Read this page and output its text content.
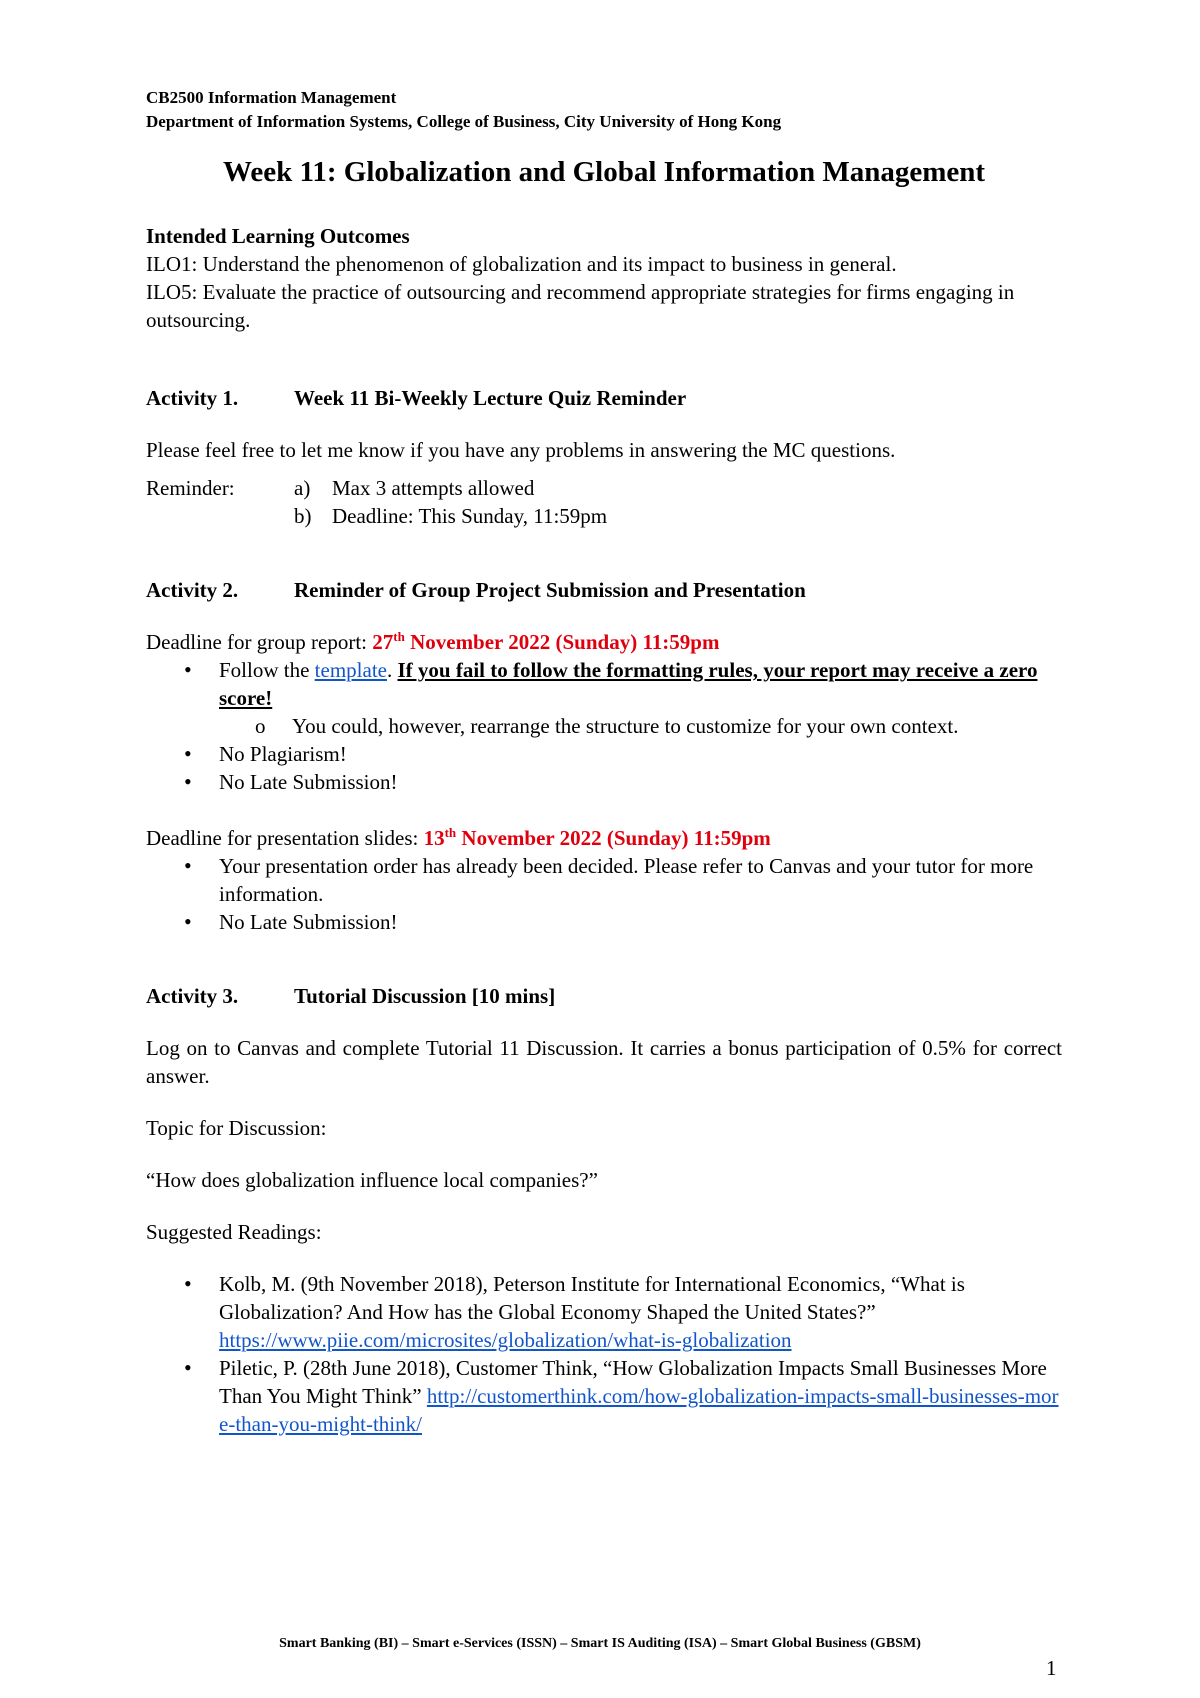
CB2500 Information Management
Department of Information Systems, College of Business, City University of Hong Kong
Week 11: Globalization and Global Information Management

Intended Learning Outcomes

ILO1: Understand the phenomenon of globalization and its impact to business in general.

ILO5: Evaluate the practice of outsourcing and recommend appropriate strategies for firms engaging in outsourcing.

Activity 1.	Week 11 Bi-Weekly Lecture Quiz Reminder

Please feel free to let me know if you have any problems in answering the MC questions.

Reminder:	a)	Max 3 attempts allowed
b) Deadline: This Sunday, 11:59pm
Activity 2.	Reminder of Group Project Submission and Presentation

Deadline for group report: 27th November 2022 (Sunday) 11:59pm

• Follow the template. If you fail to follow the formatting rules, your report may receive a zero score!
o You could, however, rearrange the structure to customize for your own context.
• No Plagiarism!
• No Late Submission!

Deadline for presentation slides: 13th November 2022 (Sunday) 11:59pm

• Your presentation order has already been decided. Please refer to Canvas and your tutor for more information.
• No Late Submission!
Activity 3.	Tutorial Discussion [10 mins]

Log on to Canvas and complete Tutorial 11 Discussion. It carries a bonus participation of 0.5% for correct answer.

Topic for Discussion:

“How does globalization influence local companies?”

Suggested Readings:

• Kolb, M. (9th November 2018), Peterson Institute for International Economics, “What is Globalization? And How has the Global Economy Shaped the United States?” https://www.piie.com/microsites/globalization/what-is-globalization
• Piletic, P. (28th June 2018), Customer Think, “How Globalization Impacts Small Businesses More Than You Might Think” http://customerthink.com/how-globalization-impacts-small-businesses-more-than-you-might-think/
Smart Banking (BI) – Smart e-Services (ISSN) – Smart IS Auditing (ISA) – Smart Global Business (GBSM)
1
